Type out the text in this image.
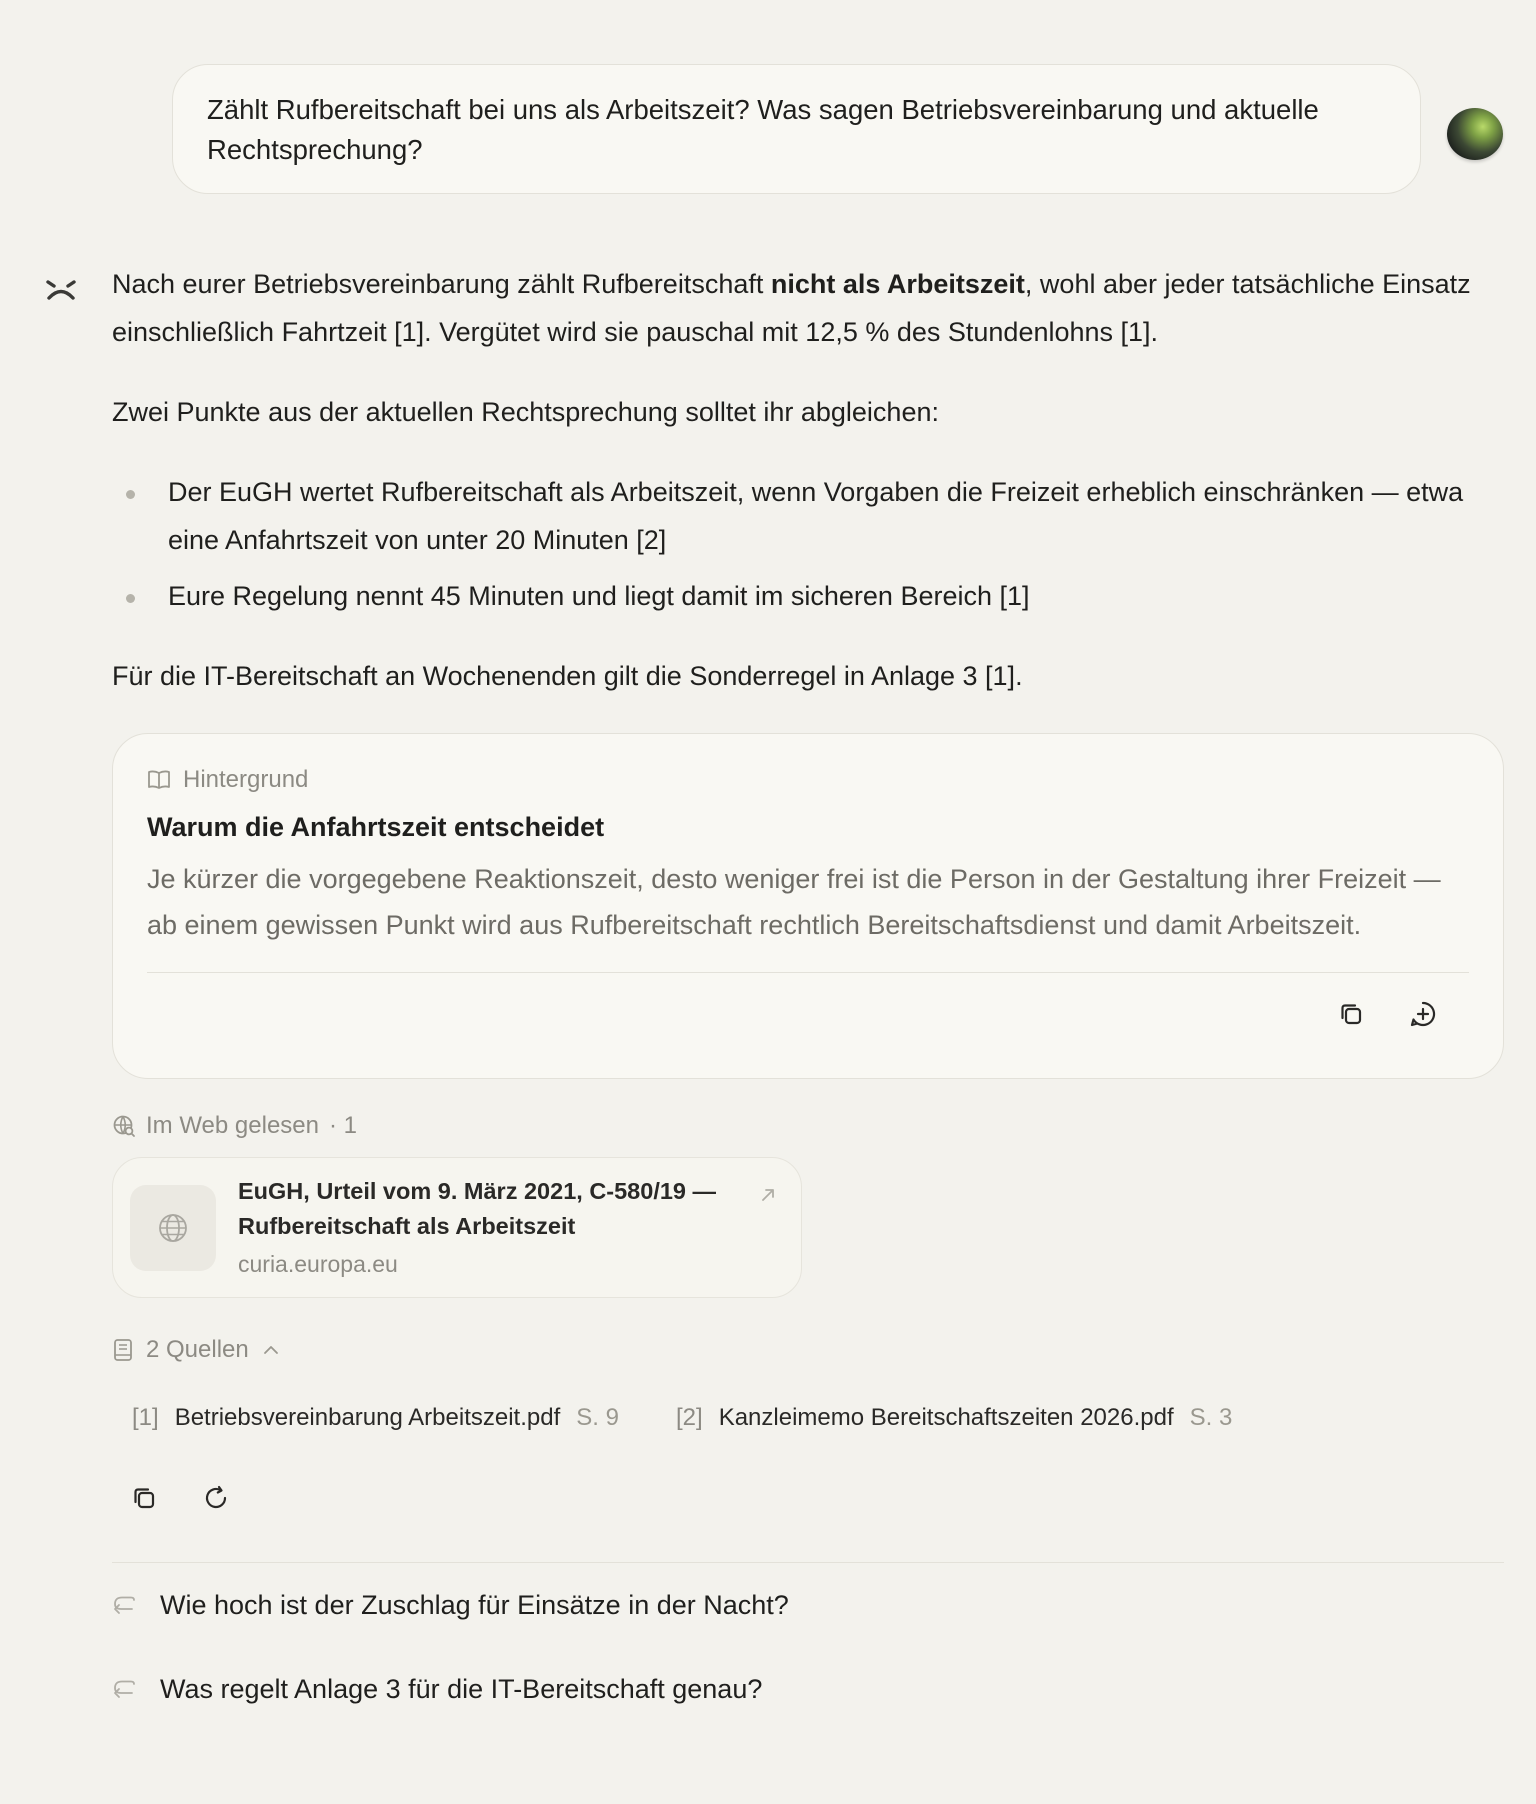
Zählt Rufbereitschaft bei uns als Arbeitszeit? Was sagen Betriebsvereinbarung und aktuelle
Rechtsprechung?

Nach eurer Betriebsvereinbarung zählt Rufbereitschaft nicht als Arbeitszeit, wohl aber jeder tatsächliche Einsatz einschließlich Fahrtzeit [1]. Vergütet wird sie pauschal mit 12,5 % des Stundenlohns [1].

Zwei Punkte aus der aktuellen Rechtsprechung solltet ihr abgleichen:

Der EuGH wertet Rufbereitschaft als Arbeitszeit, wenn Vorgaben die Freizeit erheblich einschränken — etwa eine Anfahrtszeit von unter 20 Minuten [2]

Eure Regelung nennt 45 Minuten und liegt damit im sicheren Bereich [1]

Für die IT-Bereitschaft an Wochenenden gilt die Sonderregel in Anlage 3 [1].

Hintergrund
Warum die Anfahrtszeit entscheidet
Je kürzer die vorgegebene Reaktionszeit, desto weniger frei ist die Person in der Gestaltung ihrer Freizeit — ab einem gewissen Punkt wird aus Rufbereitschaft rechtlich Bereitschaftsdienst und damit Arbeitszeit.
Im Web gelesen · 1
EuGH, Urteil vom 9. März 2021, C-580/19 —
Rufbereitschaft als Arbeitszeit
curia.europa.eu
2 Quellen
[1] Betriebsvereinbarung Arbeitszeit.pdf S. 9 [2] Kanzleimemo Bereitschaftszeiten 2026.pdf S. 3
Wie hoch ist der Zuschlag für Einsätze in der Nacht?
Was regelt Anlage 3 für die IT-Bereitschaft genau?
